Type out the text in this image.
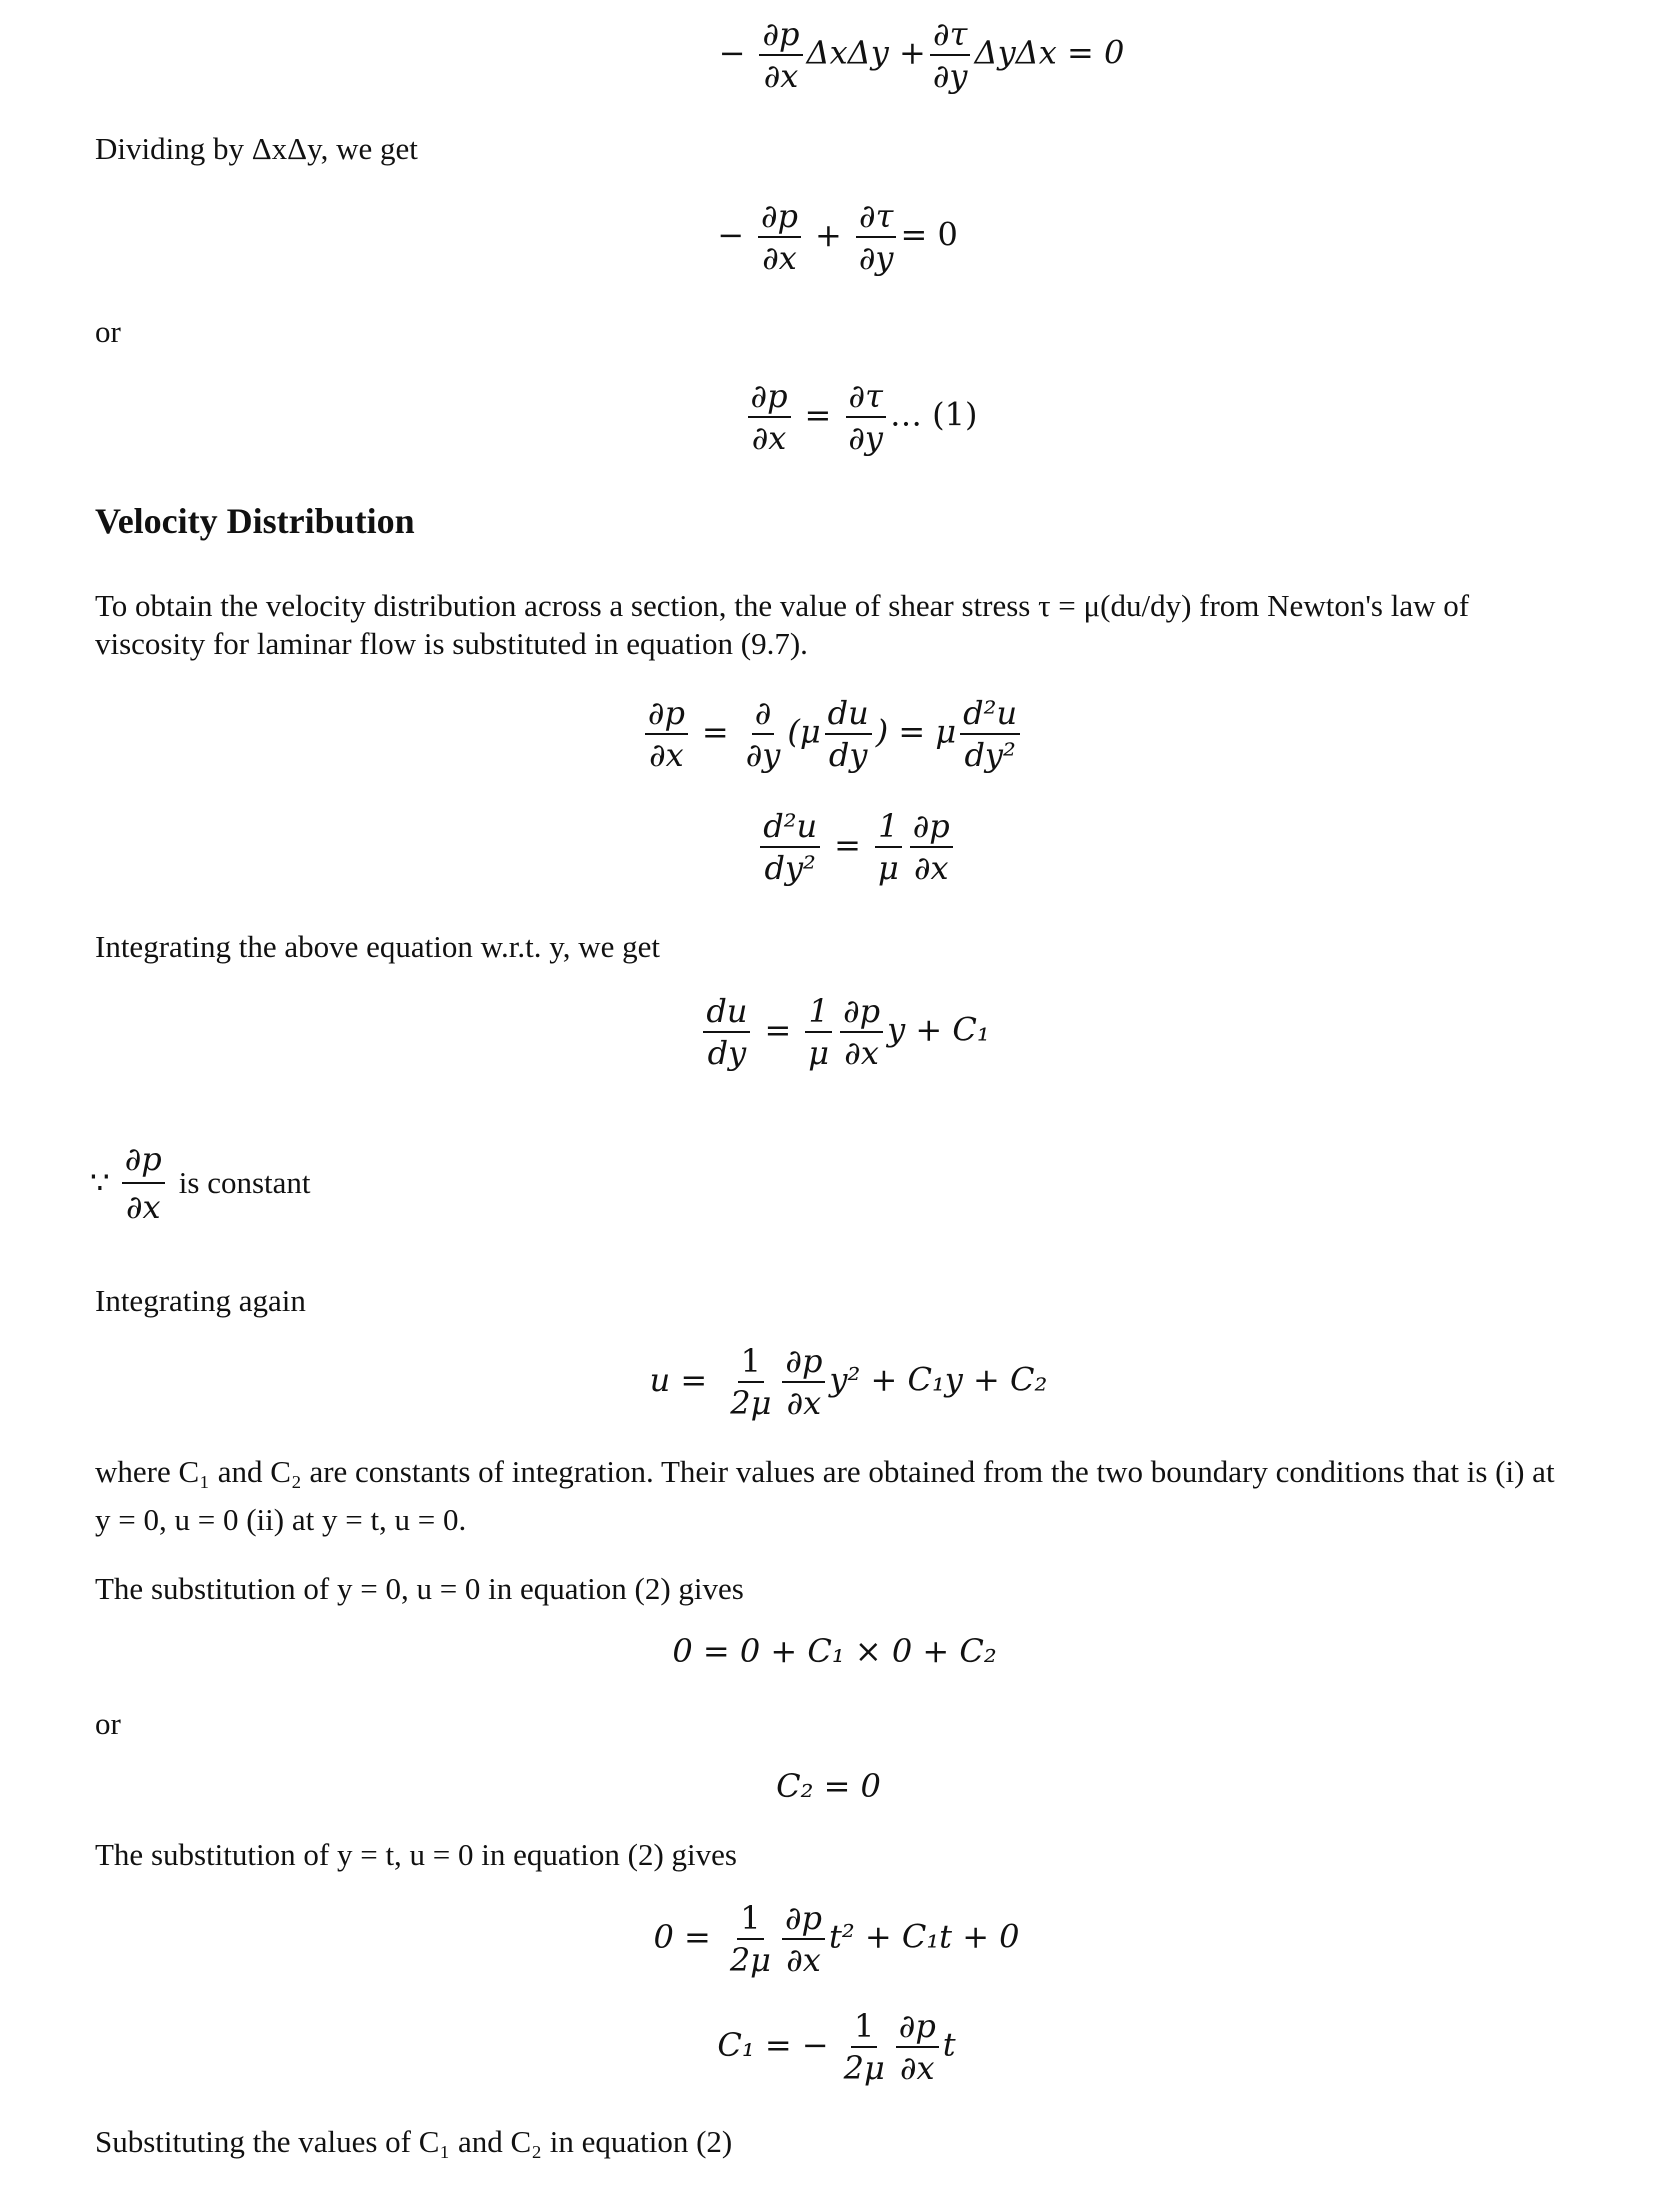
− $\frac{\partial p}{\partial x}$ $\Delta x\Delta y + \frac{\partial\tau}{\partial y}$ ΔyΔx = 0
Dividing by ΔxΔy, we get
− $\frac{\partial p}{\partial x} + \frac{\partial\tau}{\partial y} = 0$
or
$\frac{\partial p}{\partial x} = \frac{\partial\tau}{\partial y}$ … (1)
Velocity Distribution
To obtain the velocity distribution across a section, the value of shear stress τ = μ(du/dy) from Newton's law of viscosity for laminar flow is substituted in equation (9.7).
$\frac{\partial p}{\partial x} = \frac{\partial}{\partial y} (\mu \frac{du}{dy}$ ) = μ $\frac{\text{d²u}}{\text{dy²}}$
$\frac{\text{d²u}}{\text{dy²}} = \frac{1}{\mu} \frac{\partial p}{\partial x}$
Integrating the above equation w.r.t. y, we get
$\frac{du}{dy} = \frac{1}{\mu} \frac{\partial p}{\partial x}$ y + C₁
∵ $\frac{\partial p}{\partial x}$ is constant
Integrating again
$u = \frac{1}{2\mu} \frac{\partial p}{\partial x} y^2 + C_1y + C_2$
where C₁ and C₂ are constants of integration. Their values are obtained from the two boundary conditions that is (i) at y = 0, u = 0 (ii) at y = t, u = 0.
The substitution of y = 0, u = 0 in equation (2) gives
0 = 0 + C₁ × 0 + C₂
or
C₂ = 0
The substitution of y = t, u = 0 in equation (2) gives
$0 = \frac{1}{2\mu} \frac{\partial p}{\partial x} t^2 + C_1t + 0$
C₁ = − $\frac{1}{2\mu} \frac{\partial p}{\partial x}$ t
Substituting the values of C₁ and C₂ in equation (2)
